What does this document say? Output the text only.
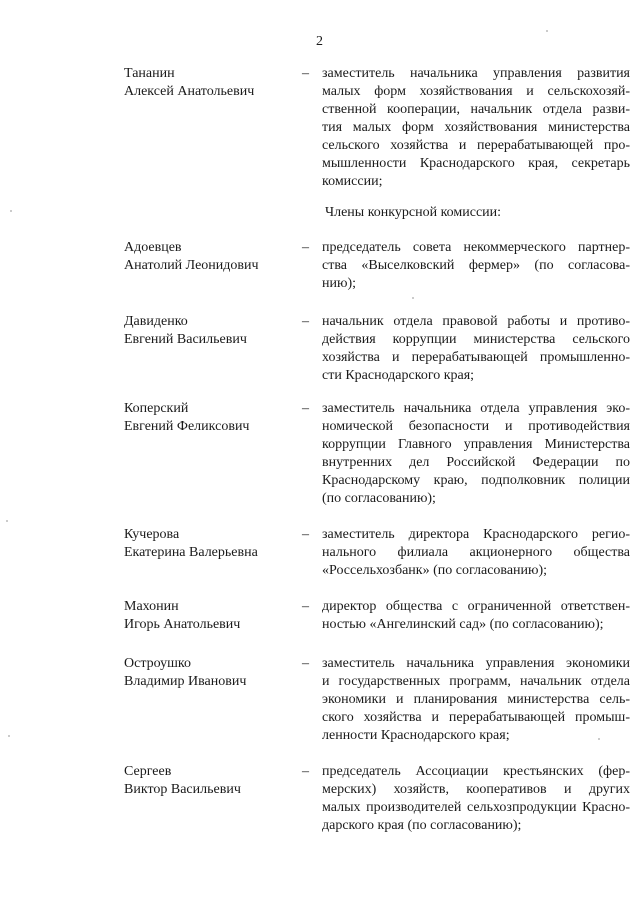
2
Тананин
Алексей Анатольевич
– заместитель начальника управления развития
малых форм хозяйствования и сельскохозяй-
ственной кооперации, начальник отдела разви-
тия малых форм хозяйствования министерства
сельского хозяйства и перерабатывающей про-
мышленности Краснодарского края, секретарь
комиссии;
Члены конкурсной комиссии:
Адоевцев
Анатолий Леонидович
– председатель совета некоммерческого партнер-
ства «Выселковский фермер» (по согласова-
нию);
Давиденко
Евгений Васильевич
– начальник отдела правовой работы и противо-
действия коррупции министерства сельского
хозяйства и перерабатывающей промышленно-
сти Краснодарского края;
Коперский
Евгений Феликсович
– заместитель начальника отдела управления эко-
номической безопасности и противодействия
коррупции Главного управления Министерства
внутренних дел Российской Федерации по
Краснодарскому краю, подполковник полиции
(по согласованию);
Кучерова
Екатерина Валерьевна
– заместитель директора Краснодарского регио-
нального филиала акционерного общества
«Россельхозбанк» (по согласованию);
Махонин
Игорь Анатольевич
– директор общества с ограниченной ответствен-
ностью «Ангелинский сад» (по согласованию);
Остроушко
Владимир Иванович
– заместитель начальника управления экономики
и государственных программ, начальник отдела
экономики и планирования министерства сель-
ского хозяйства и перерабатывающей промыш-
ленности Краснодарского края;
Сергеев
Виктор Васильевич
– председатель Ассоциации крестьянских (фер-
мерских) хозяйств, кооперативов и других
малых производителей сельхозпродукции Красно-
дарского края (по согласованию);
